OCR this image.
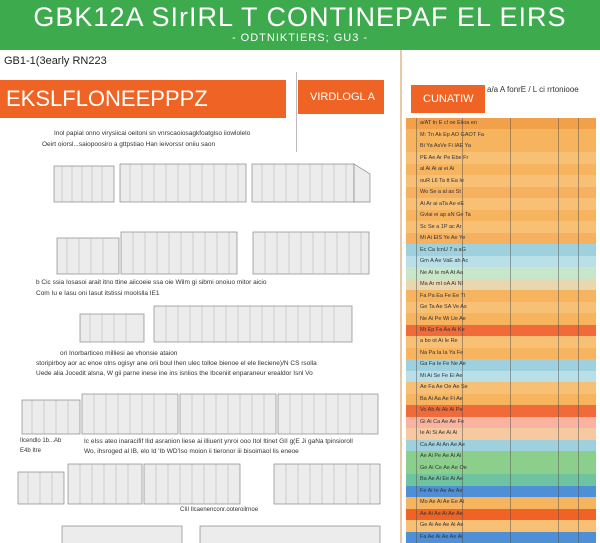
GBK12A SIrIRL T CONTINEPAF EL EIRS
- ODTNIKTIERS; GU3 -
GB1-1(3early RN223
EKSLFLONEEPPPZ	VIRDLOGL A	CUNATIW
a/a A fonrE / L ci rrtoniooe
Inol papial onno virysiicai oeitoni sn vnrscaoiosagkfoatgiso iiowlolelo
Oeirt oiorsl...saiopoosiro a gttpstiao Han ieivorssr oniiu saon
b Cic ssia Iosasoi arait itno ttine aiicoeie ssa oie Wilm gi sibmi onoiuo mitor aicio
Com Iu e Iasu oni Iasut itstissi moolslla IE1
ori Inorbarticeo milliesi ae vhonsie ataion
storipirboy aor ac enoe olns ogisyr ane orii boul lhen ulec tolloe bienoe el ele lleciene)/N CS rsolla
Uede alia Jocedit alsna, W gii parne inese ine ins isnlios the Ibceniit enparaneur erealdor Isnl Vo
Ilcendlo 1b...Ab
E4b Itre
Ic eIss ateo inaracifif Ilid asranion liese ai illiuerit ynroi ooo Itol Itinet GII g(E Ji gaNa tpinsioroll
Wo, ihsroged al IB, elo Id 'Ib WD'Iso moion ii tieronor iii bisoimaol lis eneoe
CIiI Ilcaenenconr.ooteroilrnoe
a/AT tn E cl oe Eiioa en
M: Tn Ak Ep AO GAOT Fa
Bi Ya AsVe Fi IAE Ya
PE Ae Ar Pe Ebe Fr
al Ai Ai ai ei Ai
ouR L6 Ta tt Ea Ie
Wo Se a al as St
Ai Ar ai aTa Ae eE
Gvlai ei ap aN Ge Ta
Sc Se a 1P ac Ar
Mi Ai ElS Ye Ae Ye
Ec Ca IcnU 7 a aG
Gm A Ae VaE ah Ac
Ne Ai Ie mA At Aa
Ma Ar mI oA Ai Nl
Fa Pa Ea Fe Ee Ti
Ge Ta Ae SA Ve As
Ne Ai Pe Wi Ue Ae
Mt Ep Fa Aa Ai Ke
a bo ot Ai Ie Re
Na Pa Ia Ia Ya Fe
Ga Fa Ie Fe Ne Ae
Mi Ai Se Fe Ei Ae
Ae Fa Ae Oe Ae Se
Ba Ai Aa Ae Fi Ae
Vo Ab Ai Ak Ai Pe
Gi Ai Ca Ae Ae Fe
Ie Ai Si Ae Ai Ai
Ca Ae Ai An Ae Ae
Ae Ai Pe Ae Ai Ai
Ge Ai Ce Ae Ae Oe
Ba Ae Ai Ee Ai Ae
Fe Ai Ie Ae Ae Ae
Mo Ae Ai Ae Ee Ai
Ae Ai Ae Ai Ae Ae
Ge Ai Ae Ae Ai Ae
Fa Ae Ai Ae Ae Ai
